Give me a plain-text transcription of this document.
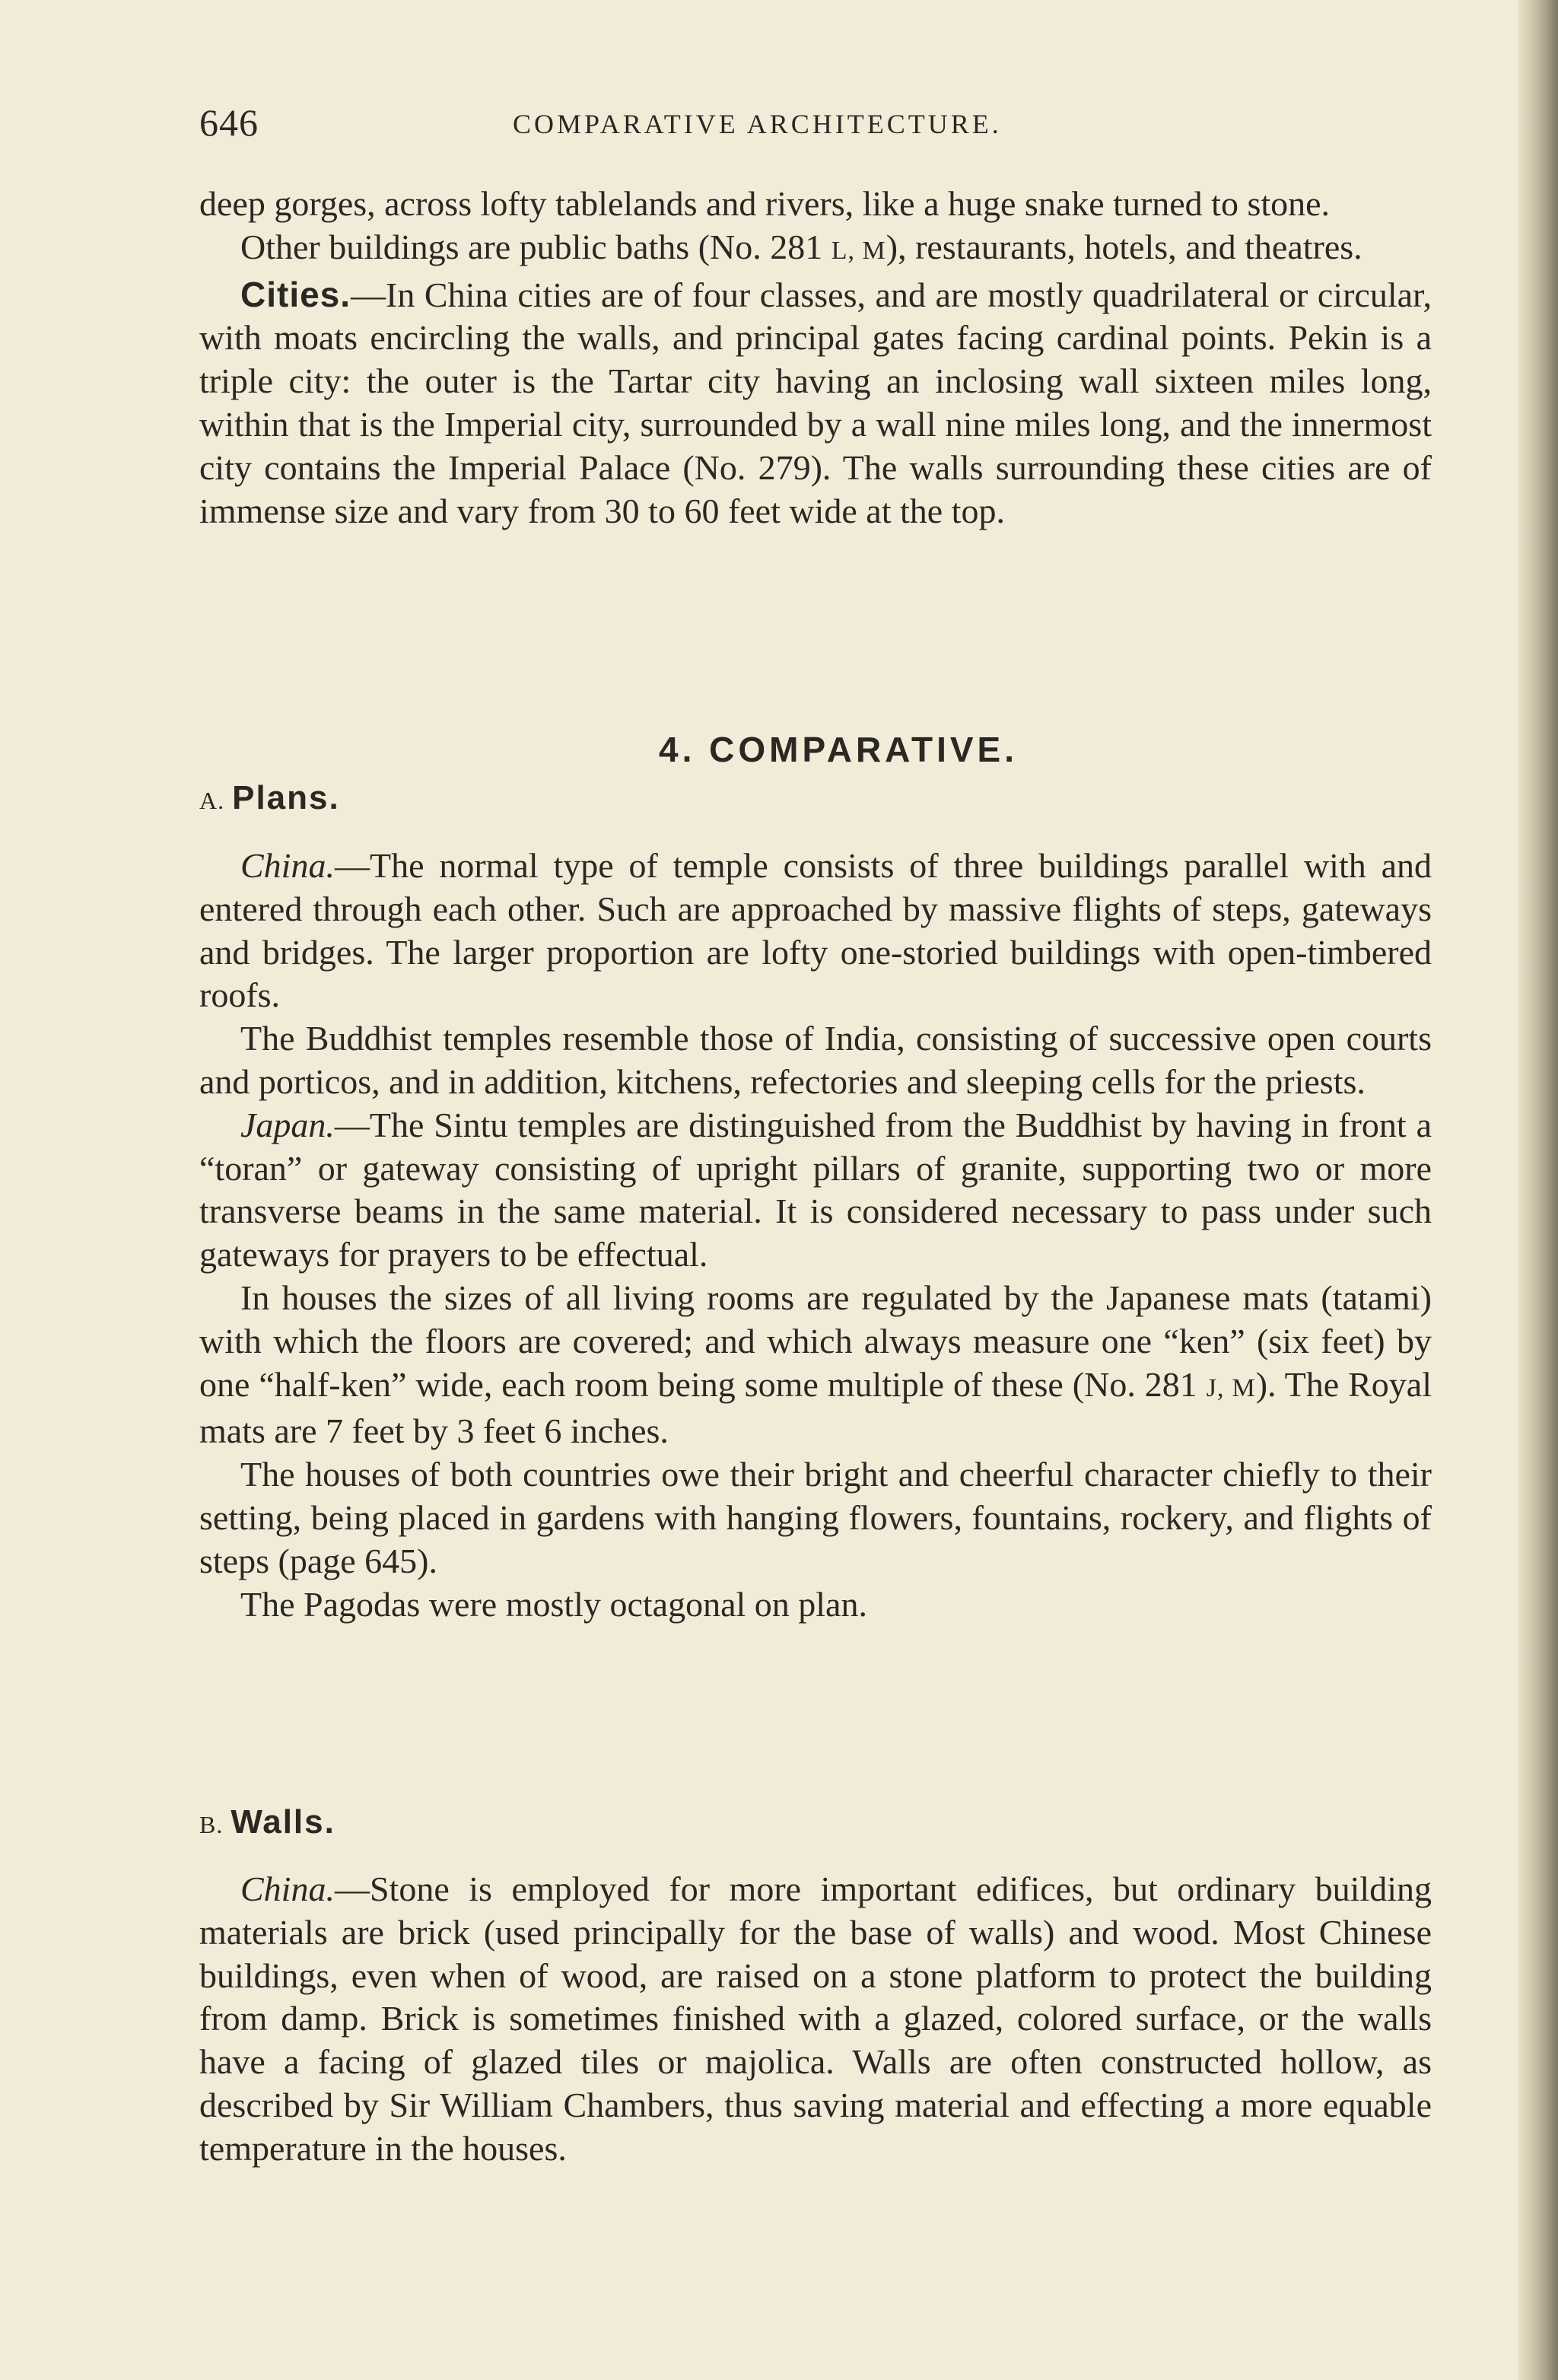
646	COMPARATIVE ARCHITECTURE.

deep gorges, across lofty tablelands and rivers, like a huge snake turned to stone.

Other buildings are public baths (No. 281 L, M), restaurants, hotels, and theatres.

Cities.—In China cities are of four classes, and are mostly quadrilateral or circular, with moats encircling the walls, and principal gates facing cardinal points. Pekin is a triple city: the outer is the Tartar city having an inclosing wall sixteen miles long, within that is the Imperial city, surrounded by a wall nine miles long, and the innermost city contains the Imperial Palace (No. 279). The walls surrounding these cities are of immense size and vary from 30 to 60 feet wide at the top.

4. COMPARATIVE.
A. Plans.

China.—The normal type of temple consists of three buildings parallel with and entered through each other. Such are approached by massive flights of steps, gateways and bridges. The larger proportion are lofty one-storied buildings with open-timbered roofs.

The Buddhist temples resemble those of India, consisting of successive open courts and porticos, and in addition, kitchens, refectories and sleeping cells for the priests.

Japan.—The Sintu temples are distinguished from the Buddhist by having in front a “toran” or gateway consisting of upright pillars of granite, supporting two or more transverse beams in the same material. It is considered necessary to pass under such gateways for prayers to be effectual.

In houses the sizes of all living rooms are regulated by the Japanese mats (tatami) with which the floors are covered; and which always measure one “ken” (six feet) by one “half-ken” wide, each room being some multiple of these (No. 281 J, M). The Royal mats are 7 feet by 3 feet 6 inches.

The houses of both countries owe their bright and cheerful character chiefly to their setting, being placed in gardens with hanging flowers, fountains, rockery, and flights of steps (page 645).

The Pagodas were mostly octagonal on plan.

B. Walls.

China.—Stone is employed for more important edifices, but ordinary building materials are brick (used principally for the base of walls) and wood. Most Chinese buildings, even when of wood, are raised on a stone platform to protect the building from damp. Brick is sometimes finished with a glazed, colored surface, or the walls have a facing of glazed tiles or majolica. Walls are often constructed hollow, as described by Sir William Chambers, thus saving material and effecting a more equable temperature in the houses.
